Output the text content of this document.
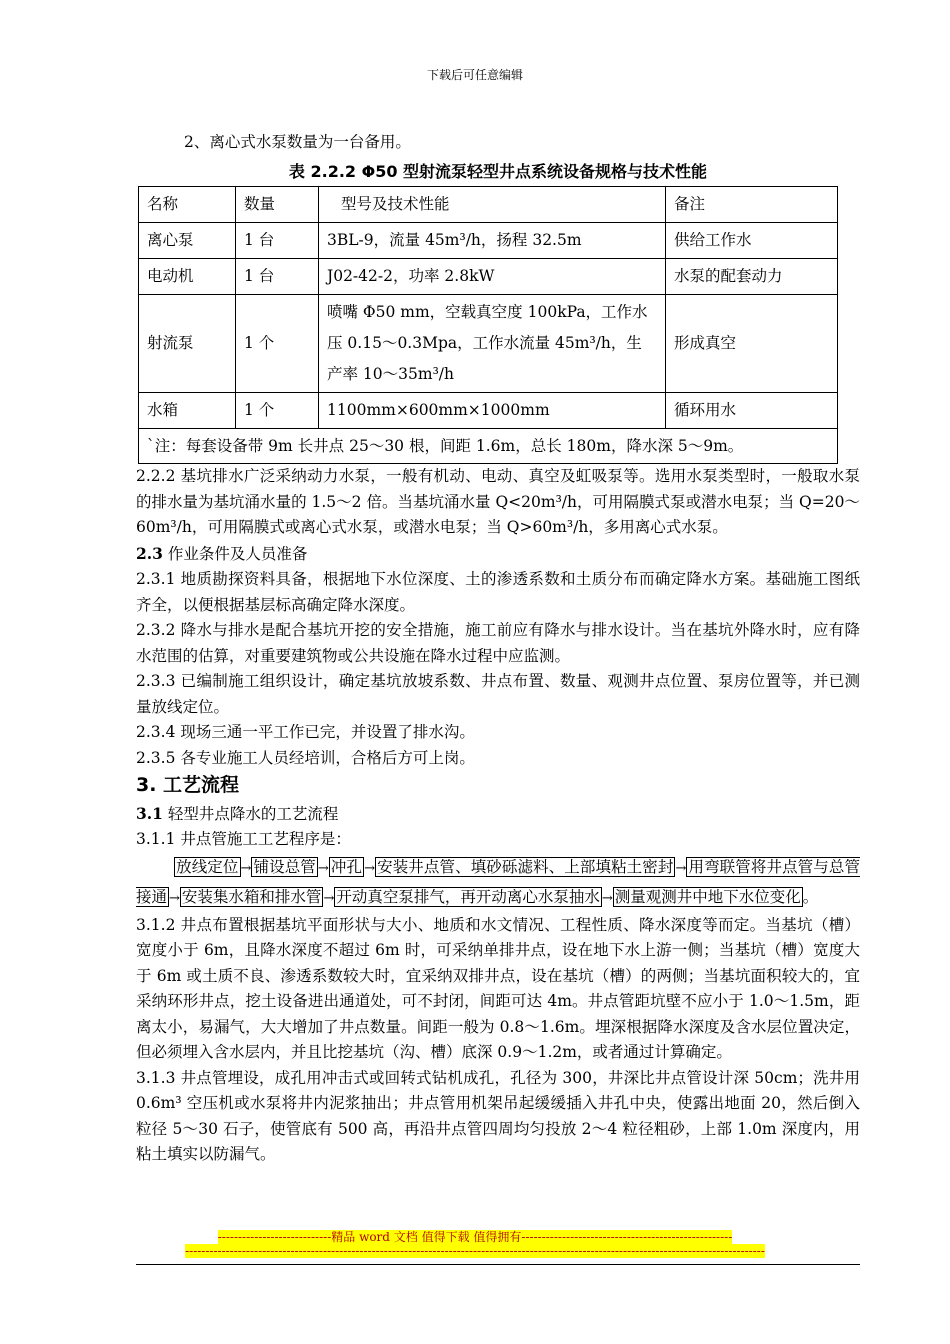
下载后可任意编辑

2、离心式水泵数量为一台备用。

表 2.2.2 Φ50 型射流泵轻型井点系统设备规格与技术性能
名称	数量	型号及技术性能	备注
离心泵	1 台	3BL-9，流量 45m³/h，扬程 32.5m	供给工作水
电动机	1 台	J02-42-2，功率 2.8kW	水泵的配套动力
射流泵	1 个	喷嘴 Φ50 mm，空载真空度 100kPa，工作水压 0.15～0.3Mpa，工作水流量 45m³/h，生产率 10～35m³/h	形成真空
水箱	1 个	1100mm×600mm×1000mm	循环用水
`注：每套设备带 9m 长井点 25～30 根，间距 1.6m，总长 180m，降水深 5～9m。			

2.2.2 基坑排水广泛采纳动力水泵，一般有机动、电动、真空及虹吸泵等。选用水泵类型时，一般取水泵的排水量为基坑涌水量的 1.5～2 倍。当基坑涌水量 Q<20m³/h，可用隔膜式泵或潜水电泵；当 Q=20～60m³/h，可用隔膜式或离心式水泵，或潜水电泵；当 Q>60m³/h，多用离心式水泵。

2.3 作业条件及人员准备

2.3.1 地质勘探资料具备，根据地下水位深度、土的渗透系数和土质分布而确定降水方案。基础施工图纸齐全，以便根据基层标高确定降水深度。

2.3.2 降水与排水是配合基坑开挖的安全措施，施工前应有降水与排水设计。当在基坑外降水时，应有降水范围的估算，对重要建筑物或公共设施在降水过程中应监测。

2.3.3 已编制施工组织设计，确定基坑放坡系数、井点布置、数量、观测井点位置、泵房位置等，并已测量放线定位。

2.3.4 现场三通一平工作已完，并设置了排水沟。

2.3.5 各专业施工人员经培训，合格后方可上岗。

3. 工艺流程

3.1 轻型井点降水的工艺流程

3.1.1 井点管施工工艺程序是：

放线定位 → 铺设总管 → 冲孔 → 安装井点管、填砂砾滤料、上部填粘土密封 → 用弯联管将井点管与总管接通 → 安装集水箱和排水管 → 开动真空泵排气，再开动离心水泵抽水 → 测量观测井中地下水位变化 。

3.1.2 井点布置根据基坑平面形状与大小、地质和水文情况、工程性质、降水深度等而定。当基坑（槽）宽度小于 6m，且降水深度不超过 6m 时，可采纳单排井点，设在地下水上游一侧；当基坑（槽）宽度大于 6m 或土质不良、渗透系数较大时，宜采纳双排井点，设在基坑（槽）的两侧；当基坑面积较大的，宜采纳环形井点，挖土设备进出通道处，可不封闭，间距可达 4m。井点管距坑壁不应小于 1.0～1.5m，距离太小，易漏气，大大增加了井点数量。间距一般为 0.8～1.6m。埋深根据降水深度及含水层位置决定，但必须埋入含水层内，并且比挖基坑（沟、槽）底深 0.9～1.2m，或者通过计算确定。

3.1.3 井点管埋设，成孔用冲击式或回转式钻机成孔，孔径为 300，井深比井点管设计深 50cm；洗井用 0.6m³ 空压机或水泵将井内泥浆抽出；井点管用机架吊起缓缓插入井孔中央，使露出地面 20，然后倒入粒径 5～30 石子，使管底有 500 高，再沿井点管四周均匀投放 2～4 粒径粗砂，上部 1.0m 深度内，用粘土填实以防漏气。

----------------------------精品 word 文档 值得下载 值得拥有----------------------------------------------------
-----------------------------------------------------------------------------------------------------------------------------------------------
